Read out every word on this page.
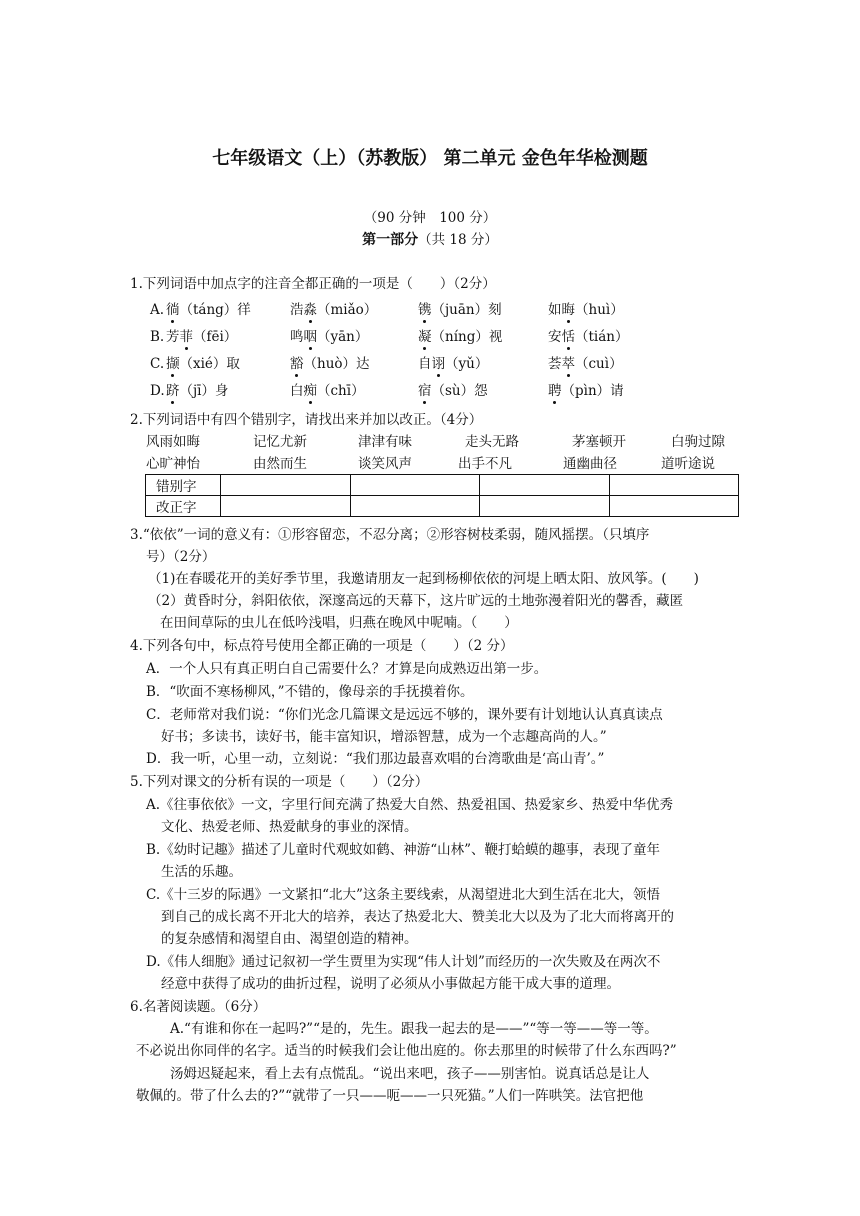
七年级语文（上）（苏教版） 第二单元 金色年华检测题
（90 分钟　100 分）
第一部分（共 18 分）
1.下列词语中加点字的注音全都正确的一项是（　　）（2分）
A. 徜（táng）徉	浩淼（miǎo）	镌（juān）刻	如晦（huì）
B. 芳菲（fēi）	鸣咽（yān）	凝（níng）视	安恬（tián）
C. 撷（xié）取	豁（huò）达	自诩（yǔ）	荟萃（cuì）
D. 跻（jī）身	白痴（chī）	宿（sù）怨	聘（pìn）请
2.下列词语中有四个错别字，请找出来并加以改正。（4分）
风雨如晦	记忆尤新	津津有味	走头无路	茅塞顿开	白驹过隙
心旷神怡	由然而生	谈笑风声	出手不凡	通幽曲径	道听途说
错别字				
改正字				
3.“依依”一词的意义有：①形容留恋，不忍分离；②形容树枝柔弱，随风摇摆。（只填序
号）（2分）
（1)在春暖花开的美好季节里，我邀请朋友一起到杨柳依依的河堤上晒太阳、放风筝。(　　)
（2）黄昏时分，斜阳依依，深邃高远的天幕下，这片旷远的土地弥漫着阳光的馨香，藏匿
在田间草际的虫儿在低吟浅唱，归燕在晚风中呢喃。（　　）
4.下列各句中，标点符号使用全都正确的一项是（　　）（2 分）
A．一个人只有真正明白自己需要什么？才算是向成熟迈出第一步。
B．“吹面不寒杨柳风，”不错的，像母亲的手抚摸着你。
C．老师常对我们说：“你们光念几篇课文是远远不够的，课外要有计划地认认真真读点
好书；多读书，读好书，能丰富知识，增添智慧，成为一个志趣高尚的人。”
D．我一听，心里一动，立刻说：“我们那边最喜欢唱的台湾歌曲是‘高山青’。”
5.下列对课文的分析有误的一项是（　　）（2分）
A.《往事依依》一文，字里行间充满了热爱大自然、热爱祖国、热爱家乡、热爱中华优秀
文化、热爱老师、热爱献身的事业的深情。
B.《幼时记趣》描述了儿童时代观蚊如鹤、神游“山林”、鞭打蛤蟆的趣事，表现了童年
生活的乐趣。
C.《十三岁的际遇》一文紧扣“北大”这条主要线索，从渴望进北大到生活在北大，领悟
到自己的成长离不开北大的培养，表达了热爱北大、赞美北大以及为了北大而将离开的
的复杂感情和渴望自由、渴望创造的精神。
D.《伟人细胞》通过记叙初一学生贾里为实现“伟人计划”而经历的一次失败及在两次不
经意中获得了成功的曲折过程，说明了必须从小事做起方能干成大事的道理。
6.名著阅读题。（6分）
A.“有谁和你在一起吗?”“是的，先生。跟我一起去的是——”“等一等——等一等。
不必说出你同伴的名字。适当的时候我们会让他出庭的。你去那里的时候带了什么东西吗?”
汤姆迟疑起来，看上去有点慌乱。“说出来吧，孩子——别害怕。说真话总是让人
敬佩的。带了什么去的?”“就带了一只——呃——一只死猫。”人们一阵哄笑。法官把他
